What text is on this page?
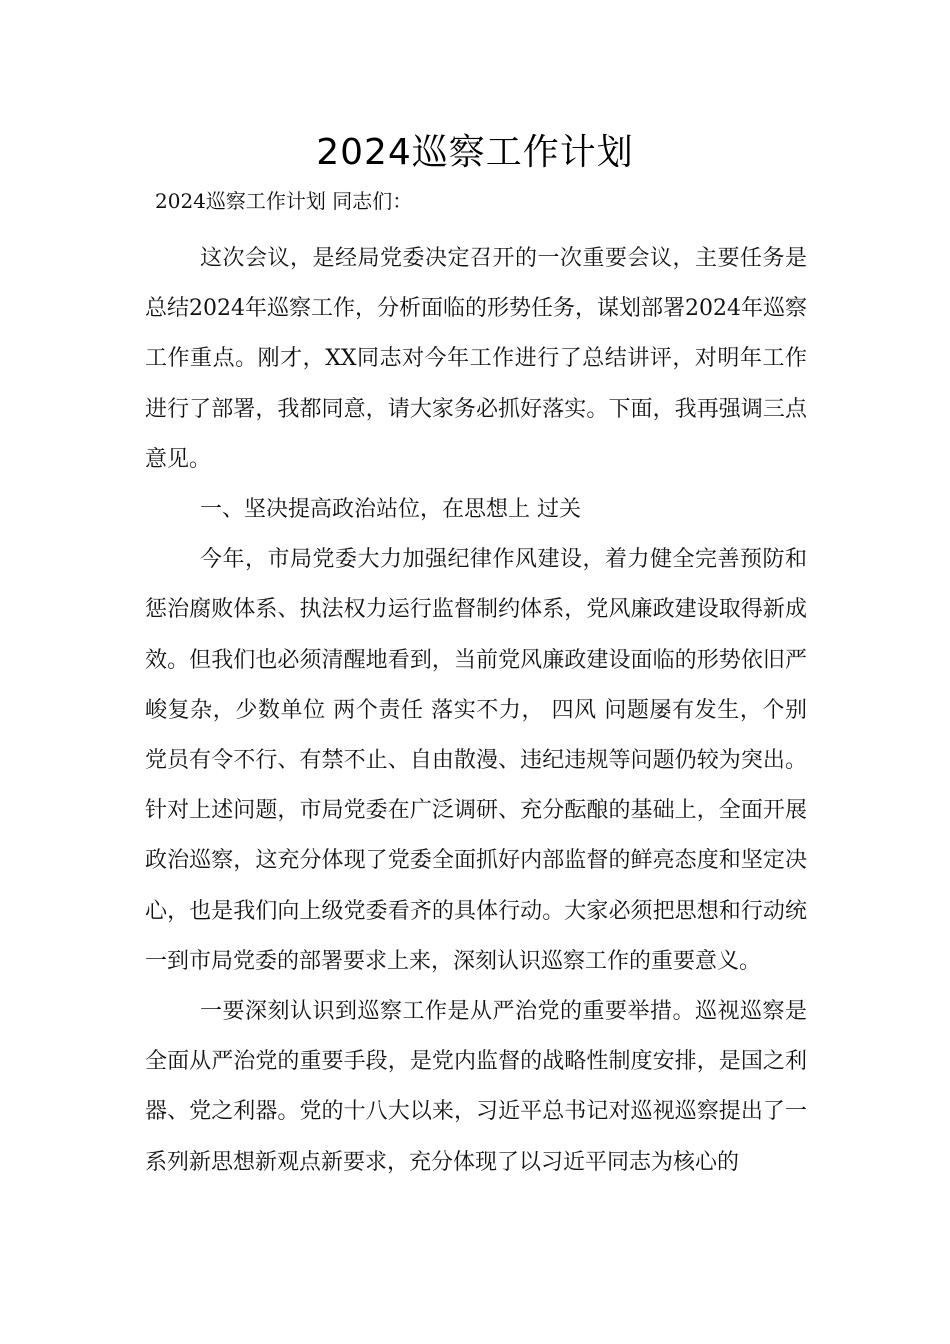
2024巡察工作计划
2024巡察工作计划 同志们：

这次会议，是经局党委决定召开的一次重要会议，主要任务是总结2024年巡察工作，分析面临的形势任务，谋划部署2024年巡察工作重点。刚才，XX同志对今年工作进行了总结讲评，对明年工作进行了部署，我都同意，请大家务必抓好落实。下面，我再强调三点意见。

一、坚决提高政治站位，在思想上 过关

今年，市局党委大力加强纪律作风建设，着力健全完善预防和惩治腐败体系、执法权力运行监督制约体系，党风廉政建设取得新成效。但我们也必须清醒地看到，当前党风廉政建设面临的形势依旧严峻复杂，少数单位 两个责任 落实不力， 四风 问题屡有发生，个别党员有令不行、有禁不止、自由散漫、违纪违规等问题仍较为突出。针对上述问题，市局党委在广泛调研、充分酝酿的基础上，全面开展政治巡察，这充分体现了党委全面抓好内部监督的鲜亮态度和坚定决心，也是我们向上级党委看齐的具体行动。大家必须把思想和行动统一到市局党委的部署要求上来，深刻认识巡察工作的重要意义。

一要深刻认识到巡察工作是从严治党的重要举措。巡视巡察是全面从严治党的重要手段，是党内监督的战略性制度安排，是国之利器、党之利器。党的十八大以来，习近平总书记对巡视巡察提出了一系列新思想新观点新要求，充分体现了以习近平同志为核心的
